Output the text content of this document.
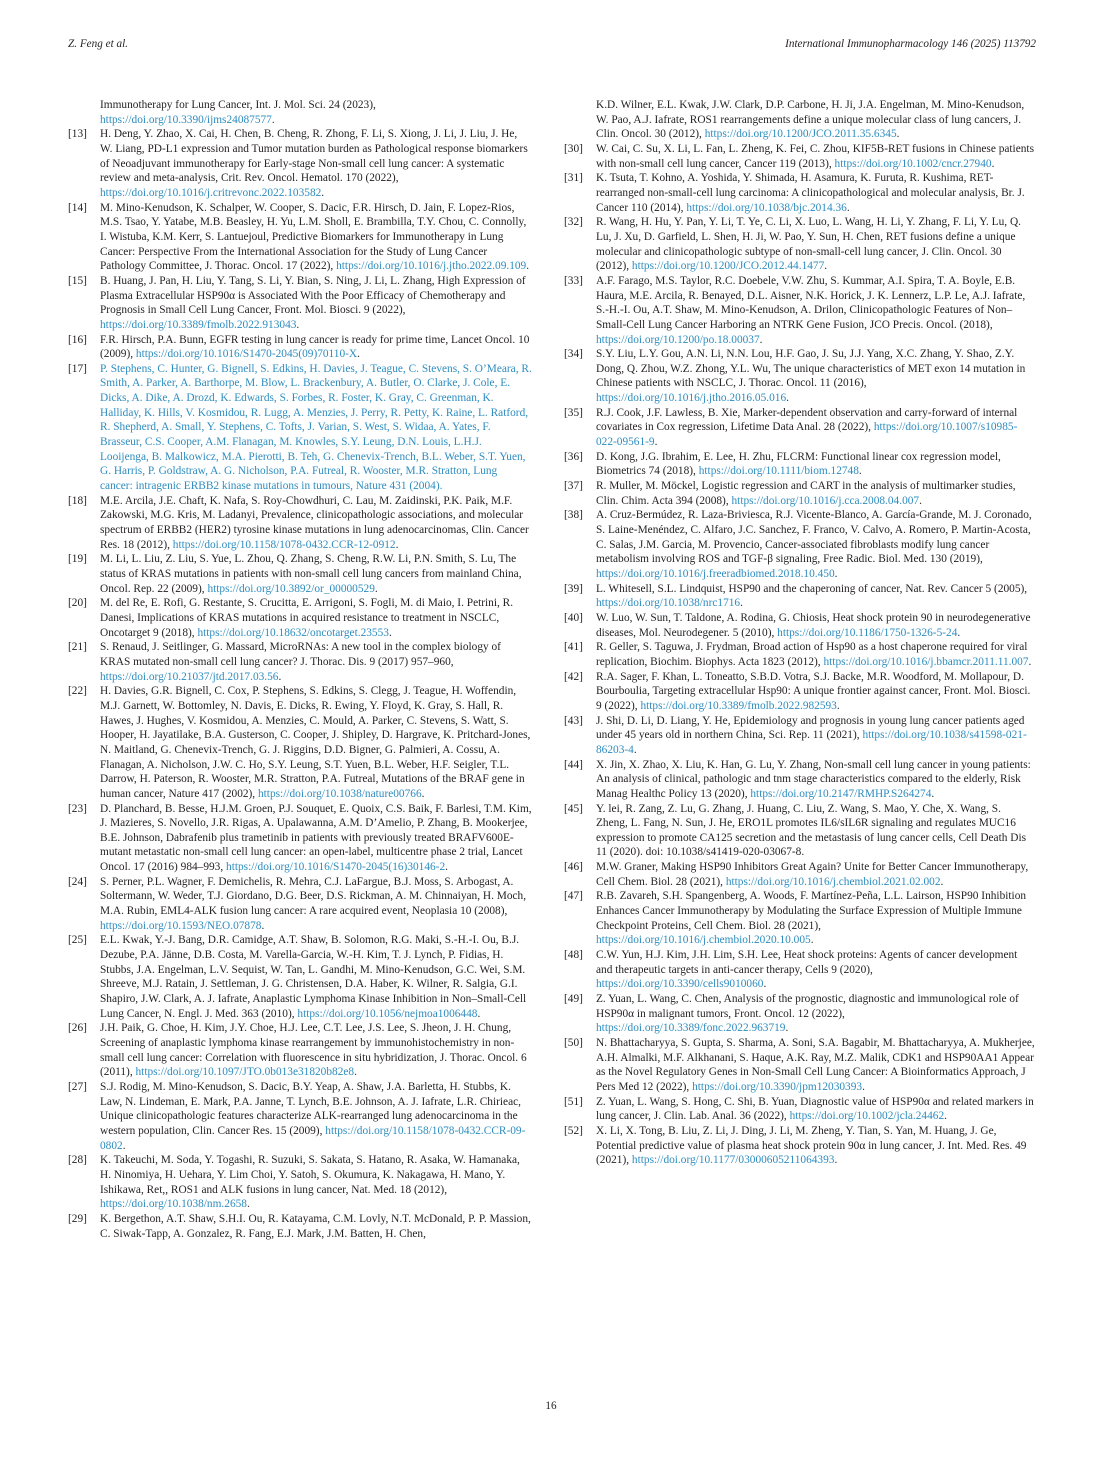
Z. Feng et al.	International Immunopharmacology 146 (2025) 113792

Immunotherapy for Lung Cancer, Int. J. Mol. Sci. 24 (2023), https://doi.org/10.3390/ijms24087577.

[13] H. Deng, Y. Zhao, X. Cai, H. Chen, B. Cheng, R. Zhong, F. Li, S. Xiong, J. Li, J. Liu, J. He, W. Liang, PD-L1 expression and Tumor mutation burden as Pathological response biomarkers of Neoadjuvant immunotherapy for Early-stage Non-small cell lung cancer: A systematic review and meta-analysis, Crit. Rev. Oncol. Hematol. 170 (2022), https://doi.org/10.1016/j.critrevonc.2022.103582.

[14] M. Mino-Kenudson, K. Schalper, W. Cooper, S. Dacic, F.R. Hirsch, D. Jain, F. Lopez-Rios, M.S. Tsao, Y. Yatabe, M.B. Beasley, H. Yu, L.M. Sholl, E. Brambilla, T.Y. Chou, C. Connolly, I. Wistuba, K.M. Kerr, S. Lantuejoul, Predictive Biomarkers for Immunotherapy in Lung Cancer: Perspective From the International Association for the Study of Lung Cancer Pathology Committee, J. Thorac. Oncol. 17 (2022), https://doi.org/10.1016/j.jtho.2022.09.109.

[15] B. Huang, J. Pan, H. Liu, Y. Tang, S. Li, Y. Bian, S. Ning, J. Li, L. Zhang, High Expression of Plasma Extracellular HSP90α is Associated With the Poor Efficacy of Chemotherapy and Prognosis in Small Cell Lung Cancer, Front. Mol. Biosci. 9 (2022), https://doi.org/10.3389/fmolb.2022.913043.

[16] F.R. Hirsch, P.A. Bunn, EGFR testing in lung cancer is ready for prime time, Lancet Oncol. 10 (2009), https://doi.org/10.1016/S1470-2045(09)70110-X.

[17] P. Stephens, C. Hunter, G. Bignell, S. Edkins, H. Davies, J. Teague, C. Stevens, S. O’Meara, R. Smith, A. Parker, A. Barthorpe, M. Blow, L. Brackenbury, A. Butler, O. Clarke, J. Cole, E. Dicks, A. Dike, A. Drozd, K. Edwards, S. Forbes, R. Foster, K. Gray, C. Greenman, K. Halliday, K. Hills, V. Kosmidou, R. Lugg, A. Menzies, J. Perry, R. Petty, K. Raine, L. Ratford, R. Shepherd, A. Small, Y. Stephens, C. Tofts, J. Varian, S. West, S. Widaa, A. Yates, F. Brasseur, C.S. Cooper, A.M. Flanagan, M. Knowles, S.Y. Leung, D.N. Louis, L.H.J. Looijenga, B. Malkowicz, M.A. Pierotti, B. Teh, G. Chenevix-Trench, B.L. Weber, S.T. Yuen, G. Harris, P. Goldstraw, A. G. Nicholson, P.A. Futreal, R. Wooster, M.R. Stratton, Lung cancer: intragenic ERBB2 kinase mutations in tumours, Nature 431 (2004).

[18] M.E. Arcila, J.E. Chaft, K. Nafa, S. Roy-Chowdhuri, C. Lau, M. Zaidinski, P.K. Paik, M.F. Zakowski, M.G. Kris, M. Ladanyi, Prevalence, clinicopathologic associations, and molecular spectrum of ERBB2 (HER2) tyrosine kinase mutations in lung adenocarcinomas, Clin. Cancer Res. 18 (2012), https://doi.org/10.1158/1078-0432.CCR-12-0912.

[19] M. Li, L. Liu, Z. Liu, S. Yue, L. Zhou, Q. Zhang, S. Cheng, R.W. Li, P.N. Smith, S. Lu, The status of KRAS mutations in patients with non-small cell lung cancers from mainland China, Oncol. Rep. 22 (2009), https://doi.org/10.3892/or_00000529.

[20] M. del Re, E. Rofi, G. Restante, S. Crucitta, E. Arrigoni, S. Fogli, M. di Maio, I. Petrini, R. Danesi, Implications of KRAS mutations in acquired resistance to treatment in NSCLC, Oncotarget 9 (2018), https://doi.org/10.18632/oncotarget.23553.

[21] S. Renaud, J. Seitlinger, G. Massard, MicroRNAs: A new tool in the complex biology of KRAS mutated non-small cell lung cancer? J. Thorac. Dis. 9 (2017) 957–960, https://doi.org/10.21037/jtd.2017.03.56.

[22] H. Davies, G.R. Bignell, C. Cox, P. Stephens, S. Edkins, S. Clegg, J. Teague, H. Woffendin, M.J. Garnett, W. Bottomley, N. Davis, E. Dicks, R. Ewing, Y. Floyd, K. Gray, S. Hall, R. Hawes, J. Hughes, V. Kosmidou, A. Menzies, C. Mould, A. Parker, C. Stevens, S. Watt, S. Hooper, H. Jayatilake, B.A. Gusterson, C. Cooper, J. Shipley, D. Hargrave, K. Pritchard-Jones, N. Maitland, G. Chenevix-Trench, G. J. Riggins, D.D. Bigner, G. Palmieri, A. Cossu, A. Flanagan, A. Nicholson, J.W. C. Ho, S.Y. Leung, S.T. Yuen, B.L. Weber, H.F. Seigler, T.L. Darrow, H. Paterson, R. Wooster, M.R. Stratton, P.A. Futreal, Mutations of the BRAF gene in human cancer, Nature 417 (2002), https://doi.org/10.1038/nature00766.

[23] D. Planchard, B. Besse, H.J.M. Groen, P.J. Souquet, E. Quoix, C.S. Baik, F. Barlesi, T.M. Kim, J. Mazieres, S. Novello, J.R. Rigas, A. Upalawanna, A.M. D’Amelio, P. Zhang, B. Mookerjee, B.E. Johnson, Dabrafenib plus trametinib in patients with previously treated BRAFV600E-mutant metastatic non-small cell lung cancer: an open-label, multicentre phase 2 trial, Lancet Oncol. 17 (2016) 984–993, https://doi.org/10.1016/S1470-2045(16)30146-2.

[24] S. Perner, P.L. Wagner, F. Demichelis, R. Mehra, C.J. LaFargue, B.J. Moss, S. Arbogast, A. Soltermann, W. Weder, T.J. Giordano, D.G. Beer, D.S. Rickman, A. M. Chinnaiyan, H. Moch, M.A. Rubin, EML4-ALK fusion lung cancer: A rare acquired event, Neoplasia 10 (2008), https://doi.org/10.1593/NEO.07878.

[25] E.L. Kwak, Y.-J. Bang, D.R. Camidge, A.T. Shaw, B. Solomon, R.G. Maki, S.-H.-I. Ou, B.J. Dezube, P.A. Jänne, D.B. Costa, M. Varella-Garcia, W.-H. Kim, T. J. Lynch, P. Fidias, H. Stubbs, J.A. Engelman, L.V. Sequist, W. Tan, L. Gandhi, M. Mino-Kenudson, G.C. Wei, S.M. Shreeve, M.J. Ratain, J. Settleman, J. G. Christensen, D.A. Haber, K. Wilner, R. Salgia, G.I. Shapiro, J.W. Clark, A. J. Iafrate, Anaplastic Lymphoma Kinase Inhibition in Non–Small-Cell Lung Cancer, N. Engl. J. Med. 363 (2010), https://doi.org/10.1056/nejmoa1006448.

[26] J.H. Paik, G. Choe, H. Kim, J.Y. Choe, H.J. Lee, C.T. Lee, J.S. Lee, S. Jheon, J. H. Chung, Screening of anaplastic lymphoma kinase rearrangement by immunohistochemistry in non-small cell lung cancer: Correlation with fluorescence in situ hybridization, J. Thorac. Oncol. 6 (2011), https://doi.org/10.1097/JTO.0b013e31820b82e8.

[27] S.J. Rodig, M. Mino-Kenudson, S. Dacic, B.Y. Yeap, A. Shaw, J.A. Barletta, H. Stubbs, K. Law, N. Lindeman, E. Mark, P.A. Janne, T. Lynch, B.E. Johnson, A. J. Iafrate, L.R. Chirieac, Unique clinicopathologic features characterize ALK-rearranged lung adenocarcinoma in the western population, Clin. Cancer Res. 15 (2009), https://doi.org/10.1158/1078-0432.CCR-09-0802.

[28] K. Takeuchi, M. Soda, Y. Togashi, R. Suzuki, S. Sakata, S. Hatano, R. Asaka, W. Hamanaka, H. Ninomiya, H. Uehara, Y. Lim Choi, Y. Satoh, S. Okumura, K. Nakagawa, H. Mano, Y. Ishikawa, Ret,, ROS1 and ALK fusions in lung cancer, Nat. Med. 18 (2012), https://doi.org/10.1038/nm.2658.

[29] K. Bergethon, A.T. Shaw, S.H.I. Ou, R. Katayama, C.M. Lovly, N.T. McDonald, P. P. Massion, C. Siwak-Tapp, A. Gonzalez, R. Fang, E.J. Mark, J.M. Batten, H. Chen,

K.D. Wilner, E.L. Kwak, J.W. Clark, D.P. Carbone, H. Ji, J.A. Engelman, M. Mino-Kenudson, W. Pao, A.J. Iafrate, ROS1 rearrangements define a unique molecular class of lung cancers, J. Clin. Oncol. 30 (2012), https://doi.org/10.1200/JCO.2011.35.6345.

[30] W. Cai, C. Su, X. Li, L. Fan, L. Zheng, K. Fei, C. Zhou, KIF5B-RET fusions in Chinese patients with non-small cell lung cancer, Cancer 119 (2013), https://doi.org/10.1002/cncr.27940.

[31] K. Tsuta, T. Kohno, A. Yoshida, Y. Shimada, H. Asamura, K. Furuta, R. Kushima, RET-rearranged non-small-cell lung carcinoma: A clinicopathological and molecular analysis, Br. J. Cancer 110 (2014), https://doi.org/10.1038/bjc.2014.36.

[32] R. Wang, H. Hu, Y. Pan, Y. Li, T. Ye, C. Li, X. Luo, L. Wang, H. Li, Y. Zhang, F. Li, Y. Lu, Q. Lu, J. Xu, D. Garfield, L. Shen, H. Ji, W. Pao, Y. Sun, H. Chen, RET fusions define a unique molecular and clinicopathologic subtype of non-small-cell lung cancer, J. Clin. Oncol. 30 (2012), https://doi.org/10.1200/JCO.2012.44.1477.

[33] A.F. Farago, M.S. Taylor, R.C. Doebele, V.W. Zhu, S. Kummar, A.I. Spira, T. A. Boyle, E.B. Haura, M.E. Arcila, R. Benayed, D.L. Aisner, N.K. Horick, J. K. Lennerz, L.P. Le, A.J. Iafrate, S.-H.-I. Ou, A.T. Shaw, M. Mino-Kenudson, A. Drilon, Clinicopathologic Features of Non–Small-Cell Lung Cancer Harboring an NTRK Gene Fusion, JCO Precis. Oncol. (2018), https://doi.org/10.1200/po.18.00037.

[34] S.Y. Liu, L.Y. Gou, A.N. Li, N.N. Lou, H.F. Gao, J. Su, J.J. Yang, X.C. Zhang, Y. Shao, Z.Y. Dong, Q. Zhou, W.Z. Zhong, Y.L. Wu, The unique characteristics of MET exon 14 mutation in Chinese patients with NSCLC, J. Thorac. Oncol. 11 (2016), https://doi.org/10.1016/j.jtho.2016.05.016.

[35] R.J. Cook, J.F. Lawless, B. Xie, Marker-dependent observation and carry-forward of internal covariates in Cox regression, Lifetime Data Anal. 28 (2022), https://doi.org/10.1007/s10985-022-09561-9.

[36] D. Kong, J.G. Ibrahim, E. Lee, H. Zhu, FLCRM: Functional linear cox regression model, Biometrics 74 (2018), https://doi.org/10.1111/biom.12748.

[37] R. Muller, M. Möckel, Logistic regression and CART in the analysis of multimarker studies, Clin. Chim. Acta 394 (2008), https://doi.org/10.1016/j.cca.2008.04.007.

[38] A. Cruz-Bermúdez, R. Laza-Briviesca, R.J. Vicente-Blanco, A. García-Grande, M. J. Coronado, S. Laine-Menéndez, C. Alfaro, J.C. Sanchez, F. Franco, V. Calvo, A. Romero, P. Martin-Acosta, C. Salas, J.M. Garcia, M. Provencio, Cancer-associated fibroblasts modify lung cancer metabolism involving ROS and TGF-β signaling, Free Radic. Biol. Med. 130 (2019), https://doi.org/10.1016/j.freeradbiomed.2018.10.450.

[39] L. Whitesell, S.L. Lindquist, HSP90 and the chaperoning of cancer, Nat. Rev. Cancer 5 (2005), https://doi.org/10.1038/nrc1716.

[40] W. Luo, W. Sun, T. Taldone, A. Rodina, G. Chiosis, Heat shock protein 90 in neurodegenerative diseases, Mol. Neurodegener. 5 (2010), https://doi.org/10.1186/1750-1326-5-24.

[41] R. Geller, S. Taguwa, J. Frydman, Broad action of Hsp90 as a host chaperone required for viral replication, Biochim. Biophys. Acta 1823 (2012), https://doi.org/10.1016/j.bbamcr.2011.11.007.

[42] R.A. Sager, F. Khan, L. Toneatto, S.B.D. Votra, S.J. Backe, M.R. Woodford, M. Mollapour, D. Bourboulia, Targeting extracellular Hsp90: A unique frontier against cancer, Front. Mol. Biosci. 9 (2022), https://doi.org/10.3389/fmolb.2022.982593.

[43] J. Shi, D. Li, D. Liang, Y. He, Epidemiology and prognosis in young lung cancer patients aged under 45 years old in northern China, Sci. Rep. 11 (2021), https://doi.org/10.1038/s41598-021-86203-4.

[44] X. Jin, X. Zhao, X. Liu, K. Han, G. Lu, Y. Zhang, Non-small cell lung cancer in young patients: An analysis of clinical, pathologic and tnm stage characteristics compared to the elderly, Risk Manag Healthc Policy 13 (2020), https://doi.org/10.2147/RMHP.S264274.

[45] Y. lei, R. Zang, Z. Lu, G. Zhang, J. Huang, C. Liu, Z. Wang, S. Mao, Y. Che, X. Wang, S. Zheng, L. Fang, N. Sun, J. He, ERO1L promotes IL6/sIL6R signaling and regulates MUC16 expression to promote CA125 secretion and the metastasis of lung cancer cells, Cell Death Dis 11 (2020). doi: 10.1038/s41419-020-03067-8.

[46] M.W. Graner, Making HSP90 Inhibitors Great Again? Unite for Better Cancer Immunotherapy, Cell Chem. Biol. 28 (2021), https://doi.org/10.1016/j.chembiol.2021.02.002.

[47] R.B. Zavareh, S.H. Spangenberg, A. Woods, F. Martínez-Peña, L.L. Lairson, HSP90 Inhibition Enhances Cancer Immunotherapy by Modulating the Surface Expression of Multiple Immune Checkpoint Proteins, Cell Chem. Biol. 28 (2021), https://doi.org/10.1016/j.chembiol.2020.10.005.

[48] C.W. Yun, H.J. Kim, J.H. Lim, S.H. Lee, Heat shock proteins: Agents of cancer development and therapeutic targets in anti-cancer therapy, Cells 9 (2020), https://doi.org/10.3390/cells9010060.

[49] Z. Yuan, L. Wang, C. Chen, Analysis of the prognostic, diagnostic and immunological role of HSP90α in malignant tumors, Front. Oncol. 12 (2022), https://doi.org/10.3389/fonc.2022.963719.

[50] N. Bhattacharyya, S. Gupta, S. Sharma, A. Soni, S.A. Bagabir, M. Bhattacharyya, A. Mukherjee, A.H. Almalki, M.F. Alkhanani, S. Haque, A.K. Ray, M.Z. Malik, CDK1 and HSP90AA1 Appear as the Novel Regulatory Genes in Non-Small Cell Lung Cancer: A Bioinformatics Approach, J Pers Med 12 (2022), https://doi.org/10.3390/jpm12030393.

[51] Z. Yuan, L. Wang, S. Hong, C. Shi, B. Yuan, Diagnostic value of HSP90α and related markers in lung cancer, J. Clin. Lab. Anal. 36 (2022), https://doi.org/10.1002/jcla.24462.

[52] X. Li, X. Tong, B. Liu, Z. Li, J. Ding, J. Li, M. Zheng, Y. Tian, S. Yan, M. Huang, J. Ge, Potential predictive value of plasma heat shock protein 90α in lung cancer, J. Int. Med. Res. 49 (2021), https://doi.org/10.1177/03000605211064393.

16
